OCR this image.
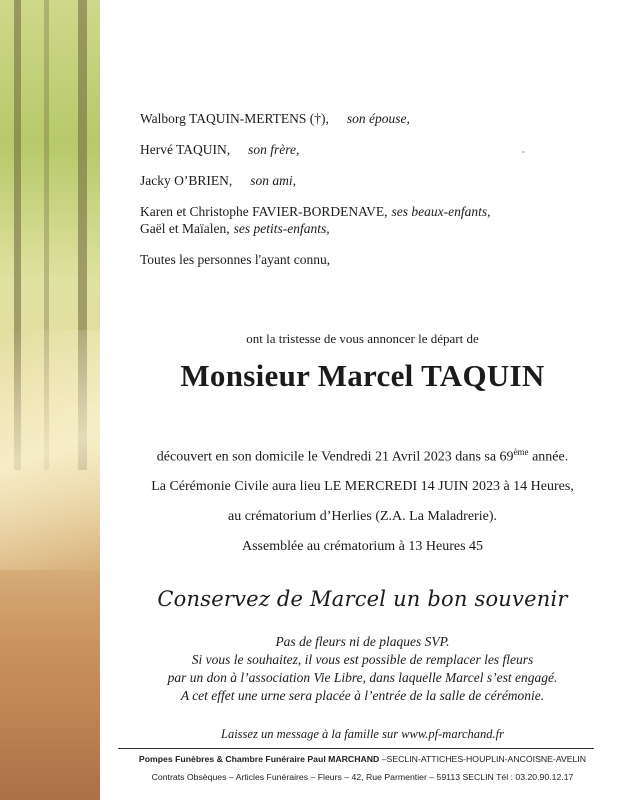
Walborg TAQUIN-MERTENS (†), son épouse,
Hervé TAQUIN, son frère,
Jacky O’BRIEN, son ami,
Karen et Christophe FAVIER-BORDENAVE, ses beaux-enfants,
Gaël et Maïalen, ses petits-enfants,
Toutes les personnes l'ayant connu,
ont la tristesse de vous annoncer le départ de
Monsieur Marcel TAQUIN
découvert en son domicile le Vendredi 21 Avril 2023 dans sa 69ème année.
La Cérémonie Civile aura lieu LE MERCREDI 14 JUIN 2023 à 14 Heures,
au crématorium d’Herlies (Z.A. La Maladrerie).
Assemblée au crématorium à 13 Heures 45
Conservez de Marcel un bon souvenir
Pas de fleurs ni de plaques SVP.
Si vous le souhaitez, il vous est possible de remplacer les fleurs
par un don à l’association Vie Libre, dans laquelle Marcel s’est engagé.
A cet effet une urne sera placée à l’entrée de la salle de cérémonie.
Laissez un message à la famille sur www.pf-marchand.fr
Pompes Funèbres & Chambre Funéraire Paul MARCHAND –SECLIN-ATTICHES-HOUPLIN-ANCOISNE-AVELIN
Contrats Obsèques – Articles Funéraires – Fleurs – 42, Rue Parmentier – 59113 SECLIN Tél : 03.20.90.12.17
